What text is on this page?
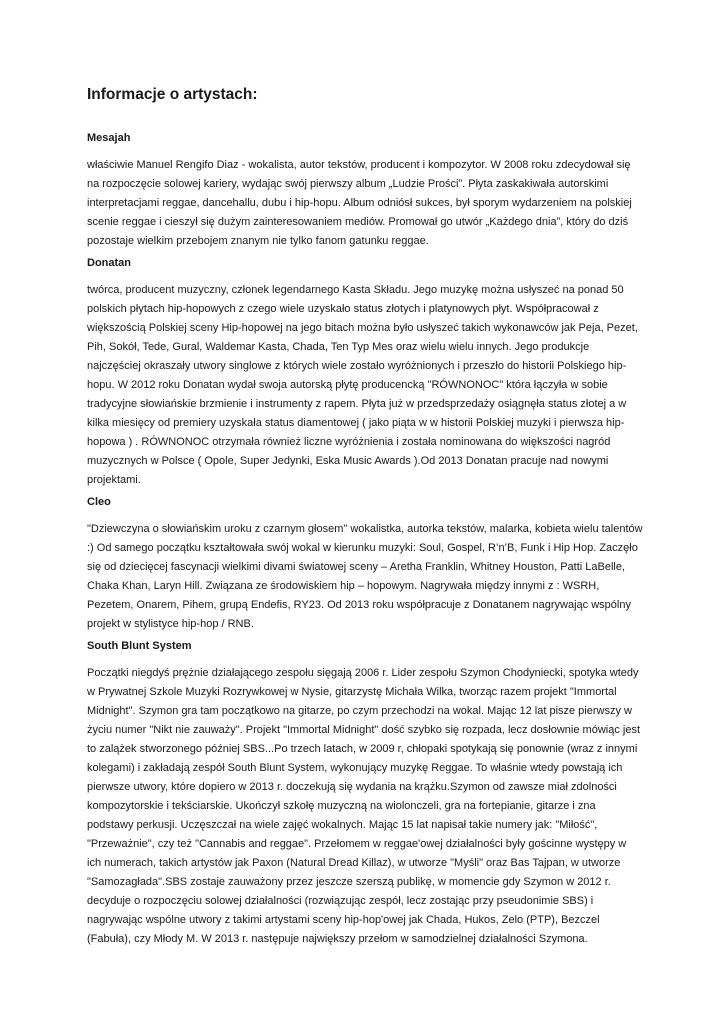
Informacje o artystach:
Mesajah

właściwie Manuel Rengifo Diaz - wokalista, autor tekstów, producent i kompozytor. W 2008 roku zdecydował się na rozpoczęcie solowej kariery, wydając swój pierwszy album „Ludzie Prości”. Płyta zaskakiwała autorskimi interpretacjami reggae, dancehallu, dubu i hip-hopu. Album odniósł sukces, był sporym wydarzeniem na polskiej scenie reggae i cieszył się dużym zainteresowaniem mediów. Promował go utwór „Każdego dnia”, który do dziś pozostaje wielkim przebojem znanym nie tylko fanom gatunku reggae.

Donatan

twórca, producent muzyczny, członek legendarnego Kasta Składu. Jego muzykę można usłyszeć na ponad 50 polskich płytach hip-hopowych z czego wiele uzyskało status złotych i platynowych płyt. Współpracował z większością Polskiej sceny Hip-hopowej na jego bitach można było usłyszeć takich wykonawców jak Peja, Pezet, Pih, Sokół, Tede, Gural, Waldemar Kasta, Chada, Ten Typ Mes oraz wielu wielu innych. Jego produkcje najczęściej okraszały utwory singlowe z których wiele zostało wyróżnionych i przeszło do historii Polskiego hip-hopu. W 2012 roku Donatan wydał swoja autorską płytę producencką "RÓWNONOC" która łączyła w sobie tradycyjne słowiańskie brzmienie i instrumenty z rapem. Płyta już w przedsprzedaży osiągnęła status złotej a w kilka miesięcy od premiery uzyskała status diamentowej ( jako piąta w w historii Polskiej muzyki i pierwsza hip-hopowa ) . RÓWNONOC otrzymała również liczne wyróżnienia i została nominowana do większości nagród muzycznych w Polsce ( Opole, Super Jedynki, Eska Music Awards ).Od 2013 Donatan pracuje nad nowymi projektami.

Cleo

"Dziewczyna o słowiańskim uroku z czarnym głosem" wokalistka, autorka tekstów, malarka, kobieta wielu talentów :) Od samego początku kształtowała swój wokal w kierunku muzyki: Soul, Gospel, R’n’B, Funk i Hip Hop. Zaczęło się od dziecięcej fascynacji wielkimi divami światowej sceny – Aretha Franklin, Whitney Houston, Patti LaBelle, Chaka Khan, Laryn Hill. Związana ze środowiskiem hip – hopowym. Nagrywała między innymi z : WSRH, Pezetem, Onarem, Pihem, grupą Endefis, RY23. Od 2013 roku współpracuje z Donatanem nagrywając wspólny projekt w stylistyce hip-hop / RNB.

South Blunt System

Początki niegdyś prężnie działającego zespołu sięgają 2006 r. Lider zespołu Szymon Chodyniecki, spotyka wtedy w Prywatnej Szkole Muzyki Rozrywkowej w Nysie, gitarzystę Michała Wilka, tworząc razem projekt "Immortal Midnight". Szymon gra tam początkowo na gitarze, po czym przechodzi na wokal. Mając 12 lat pisze pierwszy w życiu numer "Nikt nie zauważy". Projekt "Immortal Midnight" dość szybko się rozpada, lecz dosłownie mówiąc jest to zalążek stworzonego później SBS...Po trzech latach, w 2009 r, chłopaki spotykają się ponownie (wraz z innymi kolegami) i zakładają zespół South Blunt System, wykonujący muzykę Reggae. To właśnie wtedy powstają ich pierwsze utwory, które dopiero w 2013 r. doczekują się wydania na krążku.Szymon od zawsze miał zdolności kompozytorskie i tekściarskie. Ukończył szkołę muzyczną na wiolonczeli, gra na fortepianie, gitarze i zna podstawy perkusji. Uczęszczał na wiele zajęć wokalnych. Mając 15 lat napisał takie numery jak: "Miłość", "Przeważnie", czy też "Cannabis and reggae". Przełomem w reggae'owej działalności były gościnne występy w ich numerach, takich artystów jak Paxon (Natural Dread Killaz), w utworze "Myśli" oraz Bas Tajpan, w utworze "Samozagłada".SBS zostaje zauważony przez jeszcze szerszą publikę, w momencie gdy Szymon w 2012 r. decyduje o rozpoczęciu solowej działalności (rozwiązując zespół, lecz zostając przy pseudonimie SBS) i nagrywając wspólne utwory z takimi artystami sceny hip-hop'owej jak Chada, Hukos, Zelo (PTP), Bezczel (Fabuła), czy Młody M. W 2013 r. następuje największy przełom w samodzielnej działalności Szymona.
